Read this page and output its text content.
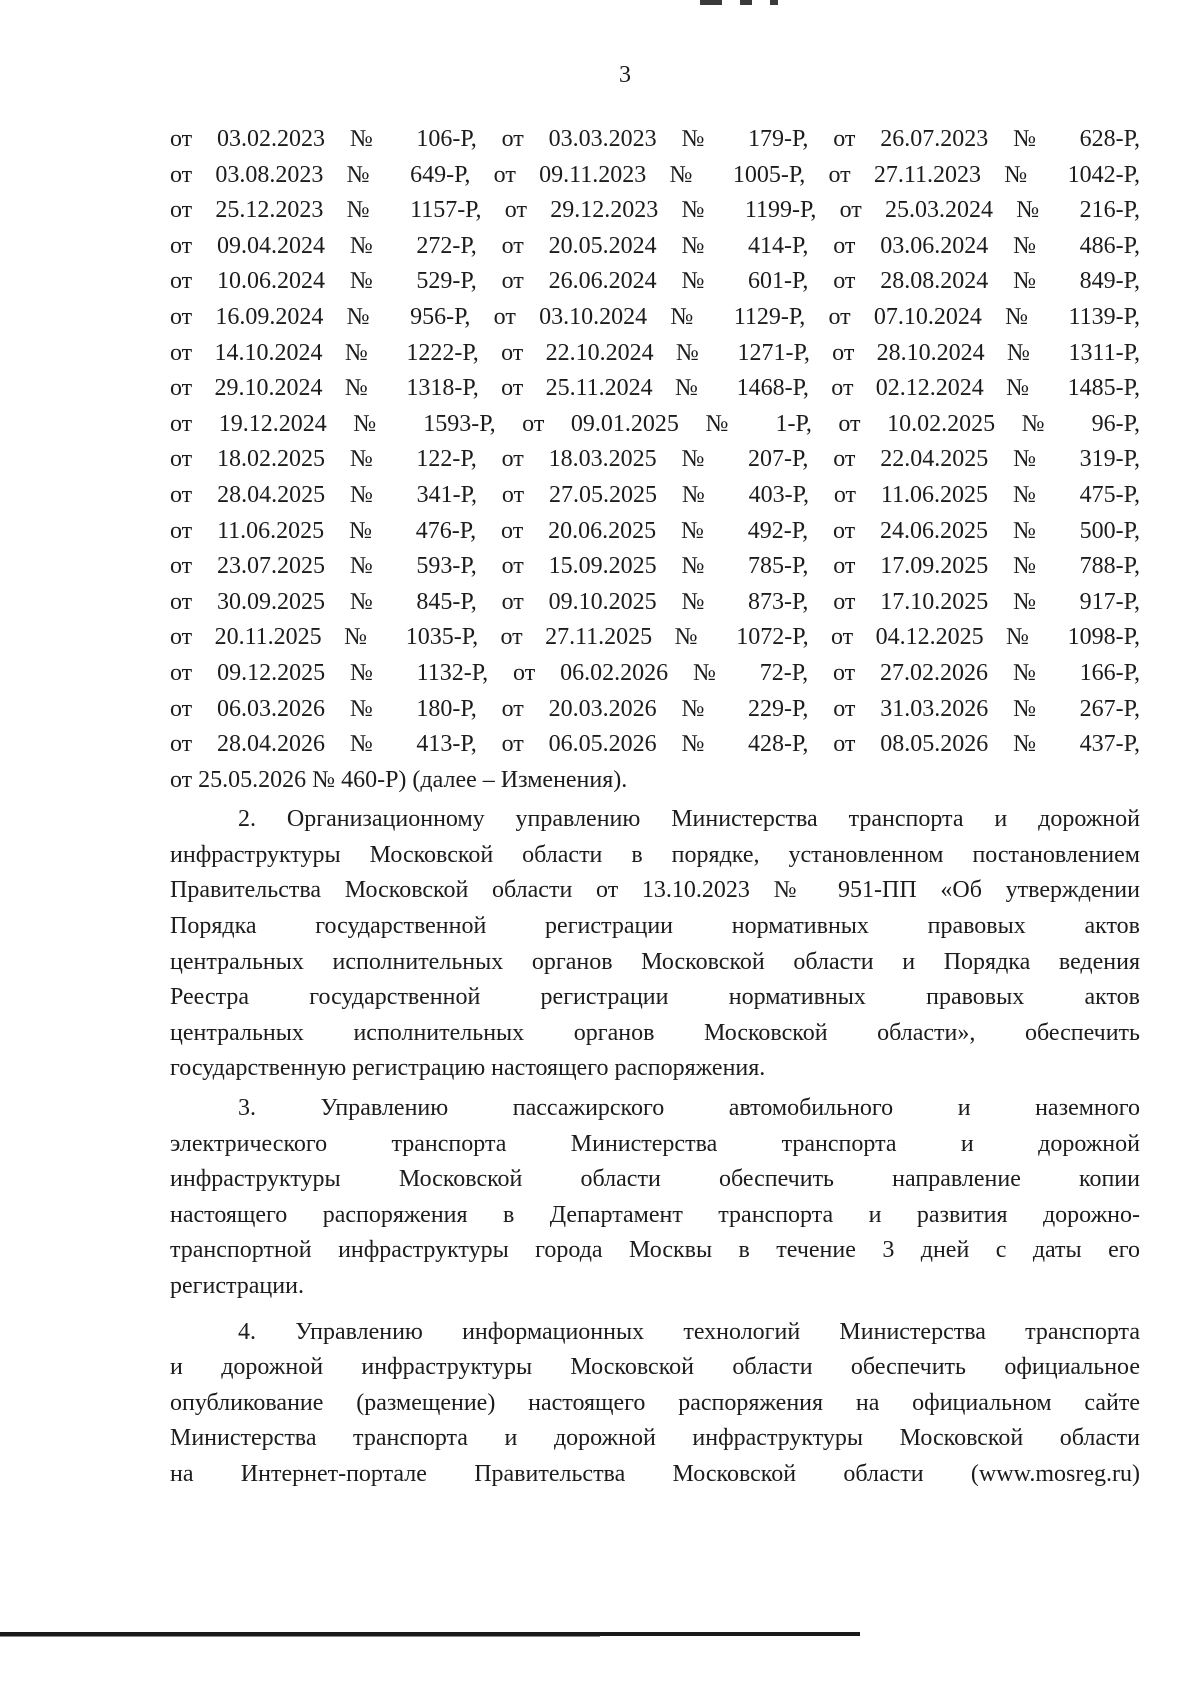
3
от 03.02.2023 № 106-Р, от 03.03.2023 № 179-Р, от 26.07.2023 № 628-Р,
от 03.08.2023 № 649-Р, от 09.11.2023 № 1005-Р, от 27.11.2023 № 1042-Р,
от 25.12.2023 № 1157-Р, от 29.12.2023 № 1199-Р, от 25.03.2024 № 216-Р,
от 09.04.2024 № 272-Р, от 20.05.2024 № 414-Р, от 03.06.2024 № 486-Р,
от 10.06.2024 № 529-Р, от 26.06.2024 № 601-Р, от 28.08.2024 № 849-Р,
от 16.09.2024 № 956-Р, от 03.10.2024 № 1129-Р, от 07.10.2024 № 1139-Р,
от 14.10.2024 № 1222-Р, от 22.10.2024 № 1271-Р, от 28.10.2024 № 1311-Р,
от 29.10.2024 № 1318-Р, от 25.11.2024 № 1468-Р, от 02.12.2024 № 1485-Р,
от 19.12.2024 № 1593-Р, от 09.01.2025 № 1-Р, от 10.02.2025 № 96-Р,
от 18.02.2025 № 122-Р, от 18.03.2025 № 207-Р, от 22.04.2025 № 319-Р,
от 28.04.2025 № 341-Р, от 27.05.2025 № 403-Р, от 11.06.2025 № 475-Р,
от 11.06.2025 № 476-Р, от 20.06.2025 № 492-Р, от 24.06.2025 № 500-Р,
от 23.07.2025 № 593-Р, от 15.09.2025 № 785-Р, от 17.09.2025 № 788-Р,
от 30.09.2025 № 845-Р, от 09.10.2025 № 873-Р, от 17.10.2025 № 917-Р,
от 20.11.2025 № 1035-Р, от 27.11.2025 № 1072-Р, от 04.12.2025 № 1098-Р,
от 09.12.2025 № 1132-Р, от 06.02.2026 № 72-Р, от 27.02.2026 № 166-Р,
от 06.03.2026 № 180-Р, от 20.03.2026 № 229-Р, от 31.03.2026 № 267-Р,
от 28.04.2026 № 413-Р, от 06.05.2026 № 428-Р, от 08.05.2026 № 437-Р,
от 25.05.2026 № 460-Р) (далее – Изменения).
2. Организационному управлению Министерства транспорта и дорожной
инфраструктуры Московской области в порядке, установленном постановлением
Правительства Московской области от 13.10.2023 № 951-ПП «Об утверждении
Порядка государственной регистрации нормативных правовых актов
центральных исполнительных органов Московской области и Порядка ведения
Реестра государственной регистрации нормативных правовых актов
центральных исполнительных органов Московской области», обеспечить
государственную регистрацию настоящего распоряжения.
3. Управлению пассажирского автомобильного и наземного
электрического транспорта Министерства транспорта и дорожной
инфраструктуры Московской области обеспечить направление копии
настоящего распоряжения в Департамент транспорта и развития дорожно-
транспортной инфраструктуры города Москвы в течение 3 дней с даты его
регистрации.
4. Управлению информационных технологий Министерства транспорта
и дорожной инфраструктуры Московской области обеспечить официальное
опубликование (размещение) настоящего распоряжения на официальном сайте
Министерства транспорта и дорожной инфраструктуры Московской области
на Интернет-портале Правительства Московской области (www.mosreg.ru)
